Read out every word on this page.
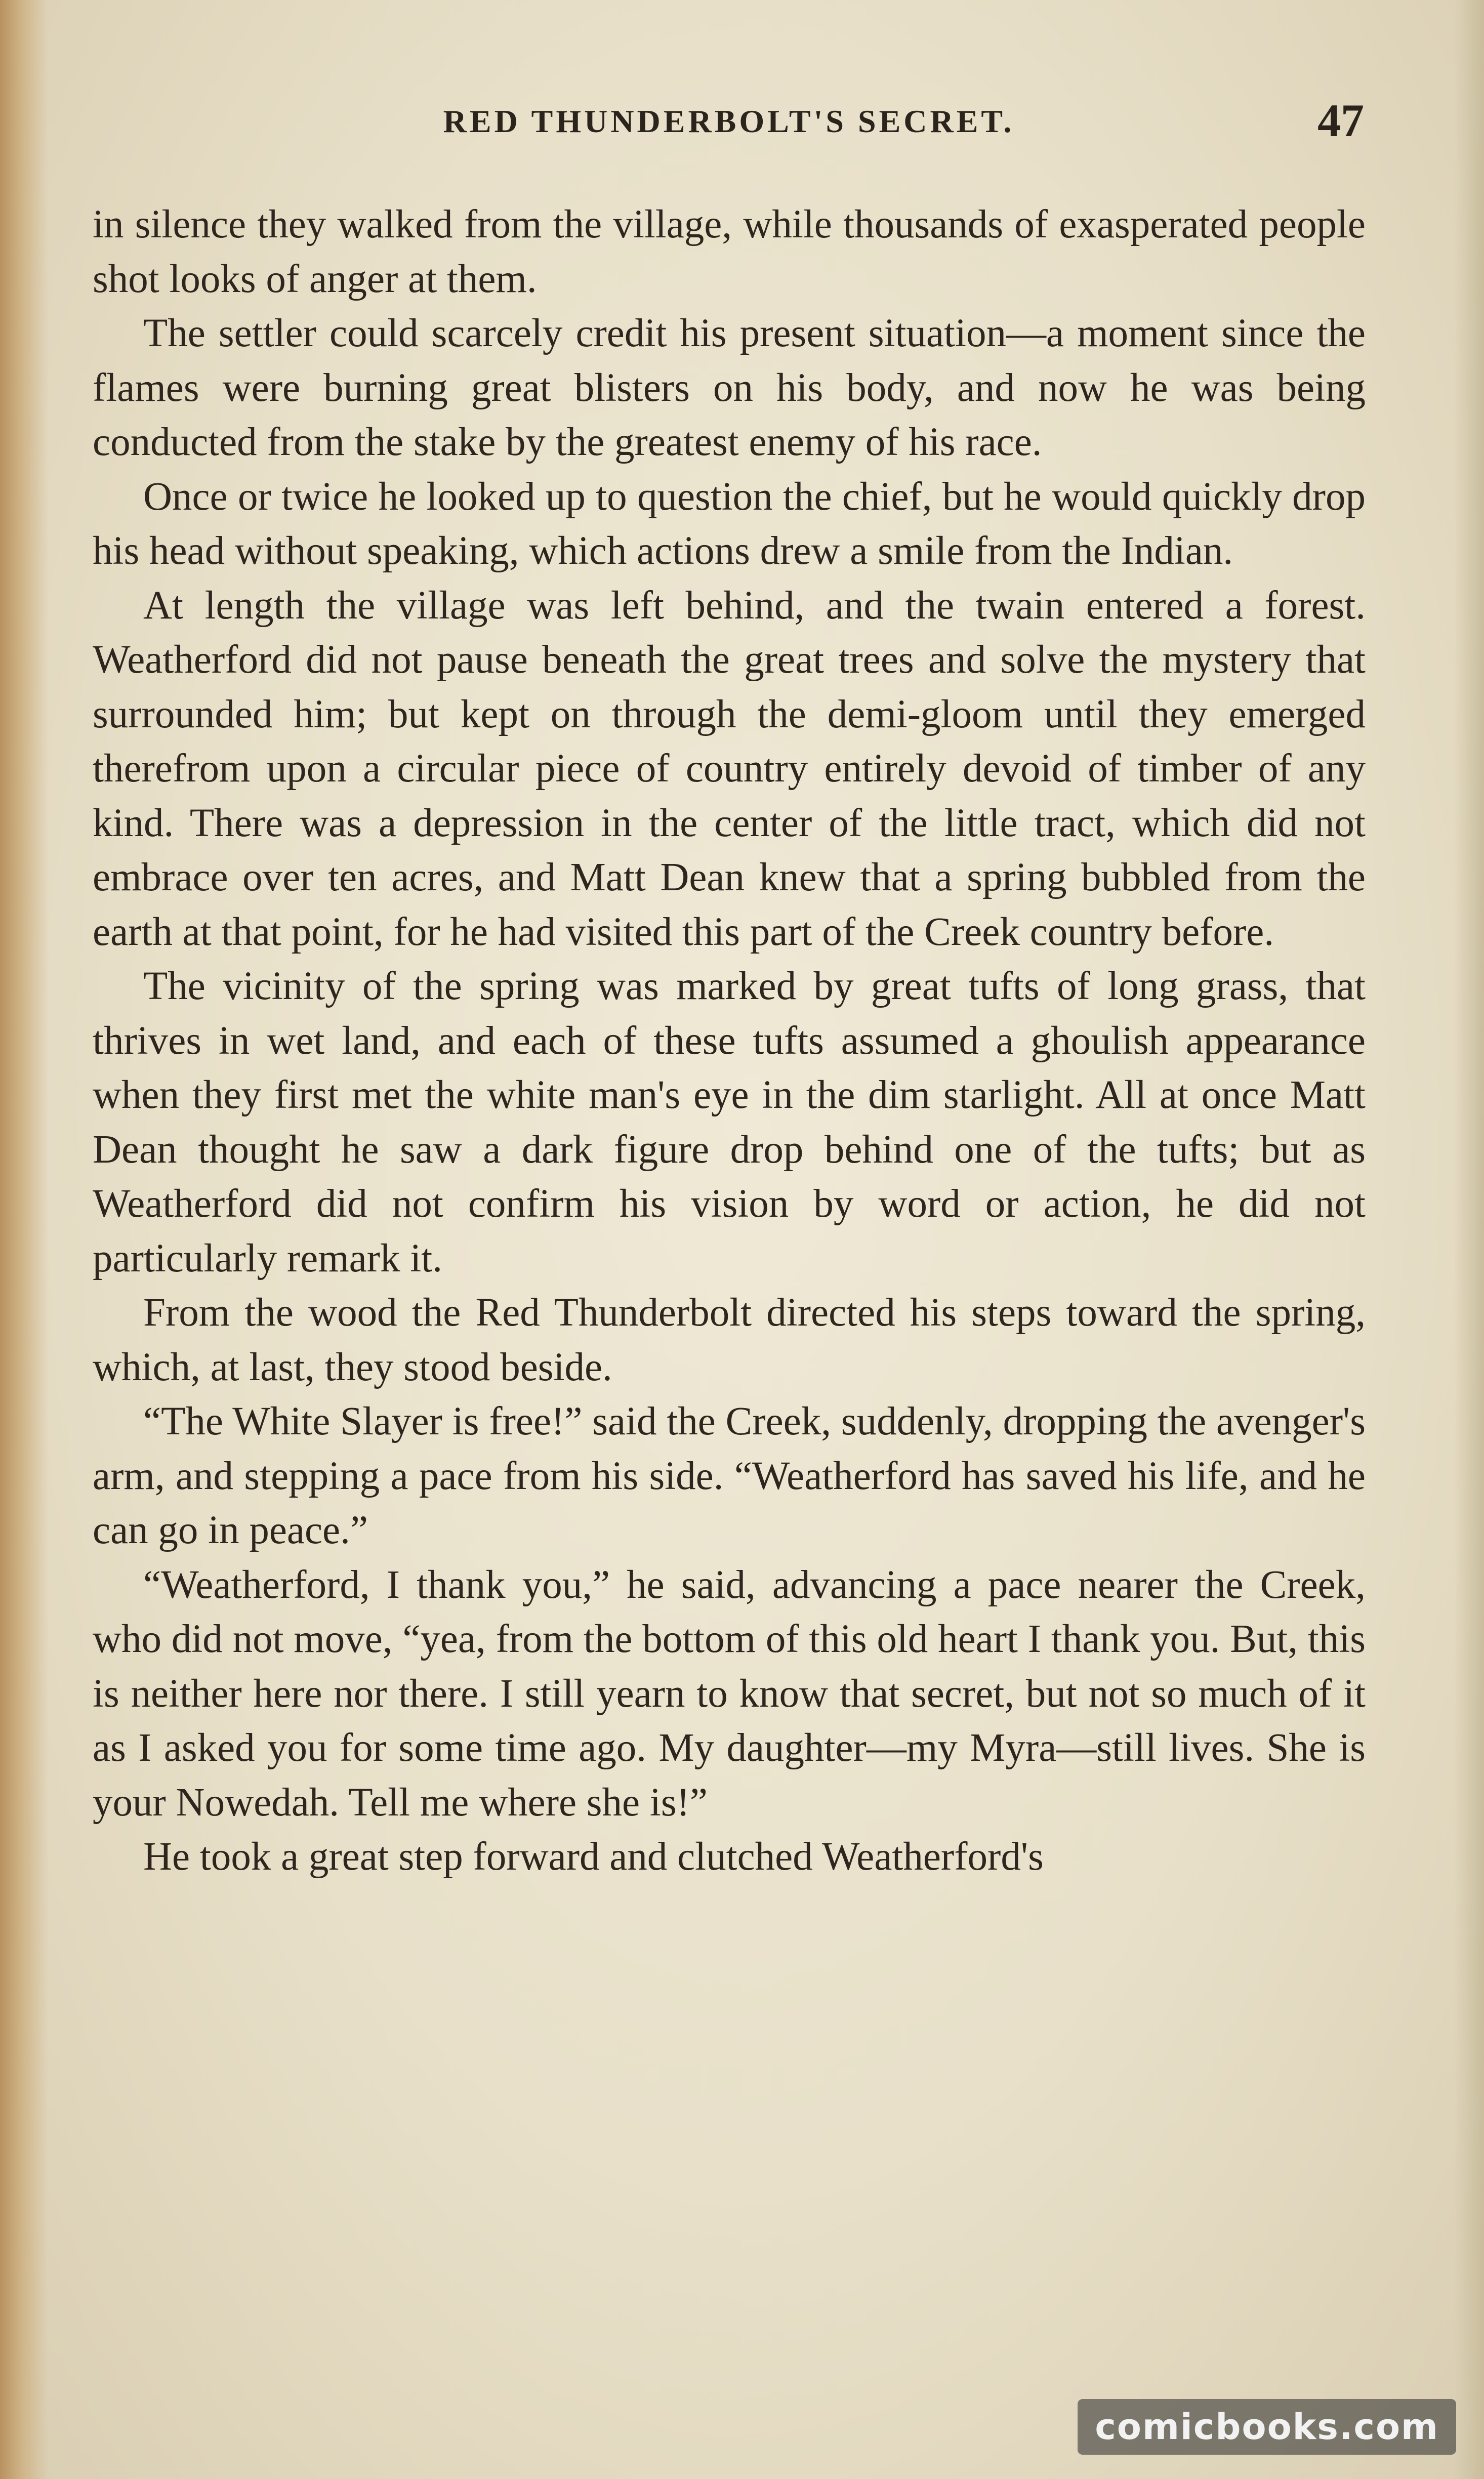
RED THUNDERBOLT'S SECRET.	47

in silence they walked from the village, while thousands of exasperated people shot looks of anger at them.

The settler could scarcely credit his present situation—a moment since the flames were burning great blisters on his body, and now he was being conducted from the stake by the greatest enemy of his race.

Once or twice he looked up to question the chief, but he would quickly drop his head without speaking, which actions drew a smile from the Indian.

At length the village was left behind, and the twain entered a forest. Weatherford did not pause beneath the great trees and solve the mystery that surrounded him; but kept on through the demi-gloom until they emerged therefrom upon a circular piece of country entirely devoid of timber of any kind. There was a depression in the center of the little tract, which did not embrace over ten acres, and Matt Dean knew that a spring bubbled from the earth at that point, for he had visited this part of the Creek country before.

The vicinity of the spring was marked by great tufts of long grass, that thrives in wet land, and each of these tufts assumed a ghoulish appearance when they first met the white man's eye in the dim starlight. All at once Matt Dean thought he saw a dark figure drop behind one of the tufts; but as Weatherford did not confirm his vision by word or action, he did not particularly remark it.

From the wood the Red Thunderbolt directed his steps toward the spring, which, at last, they stood beside.

“The White Slayer is free!” said the Creek, suddenly, dropping the avenger's arm, and stepping a pace from his side. “Weatherford has saved his life, and he can go in peace.”

“Weatherford, I thank you,” he said, advancing a pace nearer the Creek, who did not move, “yea, from the bottom of this old heart I thank you. But, this is neither here nor there. I still yearn to know that secret, but not so much of it as I asked you for some time ago. My daughter—my Myra—still lives. She is your Nowedah. Tell me where she is!”

He took a great step forward and clutched Weatherford's

comicbooks.com
